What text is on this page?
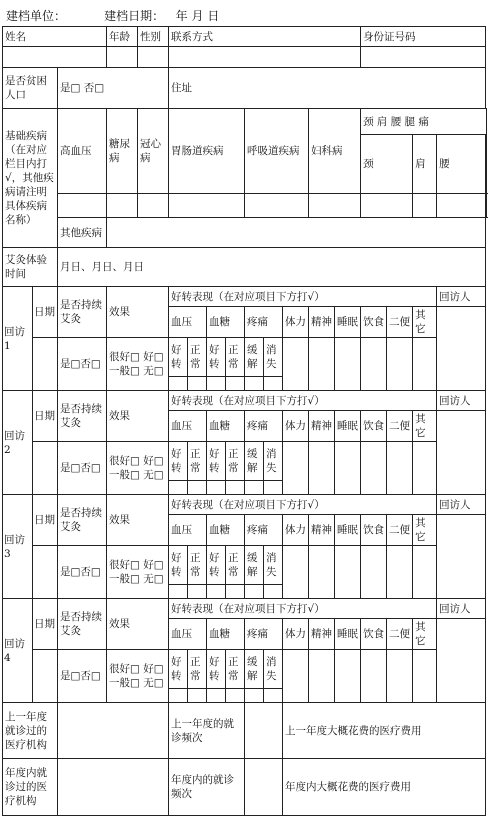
建档单位：	建档日期： 年 月 日
姓名			年龄	性别	联系方式									身份证号码				

是否贫困人口		是□ 否□			住址													
基础疾病（在对应栏目内打√，其他疾病请注明具体疾病名称）		高血压	糖尿病	冠心病	胃肠道疾病				呼吸道疾病			妇科病		颈 肩 腰 腿 痛				
														颈		肩	腰		

		其他疾病																
艾灸体验时间		月日、月日、月日																
回访1	日期	是否持续艾灸	效果		好转表现（在对应项目下方打√）												回访人	
					血压		血糖		疼痛		体力	精神	睡眠	饮食	二便	其它		
		是□否□	很好□ 好□ 一般□ 无□		好转	正常	好转	正常	缓解	消失								

回访2	日期	是否持续艾灸	效果		好转表现（在对应项目下方打√）												回访人	
					血压		血糖		疼痛		体力	精神	睡眠	饮食	二便	其它		
		是□否□	很好□ 好□ 一般□ 无□		好转	正常	好转	正常	缓解	消失								

回访3	日期	是否持续艾灸	效果		好转表现（在对应项目下方打√）												回访人	
					血压		血糖		疼痛		体力	精神	睡眠	饮食	二便	其它		
		是□否□	很好□ 好□ 一般□ 无□		好转	正常	好转	正常	缓解	消失								

回访4	日期	是否持续艾灸	效果		好转表现（在对应项目下方打√）												回访人	
					血压		血糖		疼痛		体力	精神	睡眠	饮食	二便	其它		
		是□否□	很好□ 好□ 一般□ 无□		好转	正常	好转	正常	缓解	消失								

上一年度就诊过的医疗机构					上一年度的就诊频次						上一年度大概花费的医疗费用							
年度内就诊过的医疗机构					年度内的就诊频次						年度内大概花费的医疗费用							
